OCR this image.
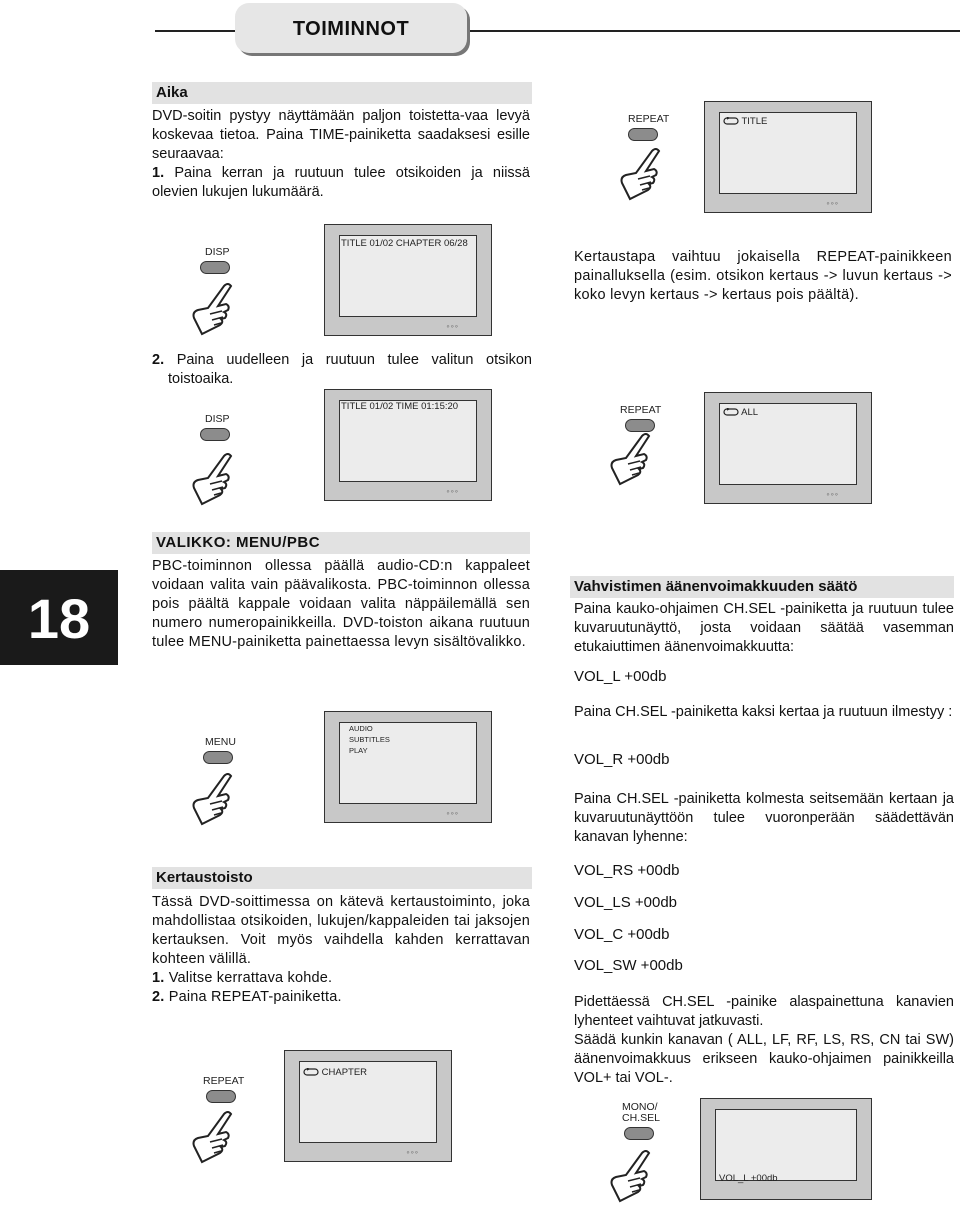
TOIMINNOT
18
Aika

DVD-soitin pystyy näyttämään paljon toistetta-vaa levyä koskevaa tietoa. Paina TIME-painiketta saadaksesi esille seuraavaa:

1. Paina kerran ja ruutuun tulee otsikoiden ja niissä olevien lukujen lukumäärä.

DISP
TITLE 01/02 CHAPTER 06/28
◦◦◦

2. Paina uudelleen ja ruutuun tulee valitun otsikon toistoaika.

DISP
TITLE 01/02 TIME 01:15:20
◦◦◦
REPEAT	TITLE
◦◦◦
Kertaustapa vaihtuu jokaisella REPEAT-painikkeen painalluksella (esim. otsikon kertaus -> luvun kertaus -> koko levyn kertaus -> kertaus pois päältä).
REPEAT	ALL
◦◦◦
VALIKKO: MENU/PBC
PBC-toiminnon ollessa päällä audio-CD:n kappaleet voidaan valita vain päävalikosta. PBC-toiminnon ollessa pois päältä kappale voidaan valita näppäilemällä sen numero numeropainikkeilla. DVD-toiston aikana ruutuun tulee MENU-painiketta painettaessa levyn sisältövalikko.
MENU
AUDIO
SUBTITLES
PLAY
◦◦◦
Kertaustoisto

Tässä DVD-soittimessa on kätevä kertaustoiminto, joka mahdollistaa otsikoiden, lukujen/kappaleiden tai jaksojen kertauksen. Voit myös vaihdella kahden kerrattavan kohteen välillä.

1. Valitse kerrattava kohde.

2. Paina REPEAT-painiketta.

REPEAT
CHAPTER
◦◦◦
Vahvistimen äänenvoimakkuuden säätö
Paina kauko-ohjaimen CH.SEL -painiketta ja ruutuun tulee kuvaruutunäyttö, josta voidaan säätää vasemman etukaiuttimen äänenvoimakkuutta:
VOL_L +00db
Paina CH.SEL -painiketta kaksi kertaa ja ruutuun ilmestyy :
VOL_R +00db
Paina CH.SEL -painiketta kolmesta seitsemään kertaan ja kuvaruutunäyttöön tulee vuoronperään säädettävän kanavan lyhenne:
VOL_RS +00db
VOL_LS +00db
VOL_C +00db
VOL_SW +00db
Pidettäessä CH.SEL -painike alaspainettuna kanavien lyhenteet vaihtuvat jatkuvasti.
Säädä kunkin kanavan ( ALL, LF, RF, LS, RS, CN tai SW) äänenvoimakkuus erikseen kauko-ohjaimen painikkeilla VOL+ tai VOL-.
MONO/
CH.SEL
VOL_L +00db
